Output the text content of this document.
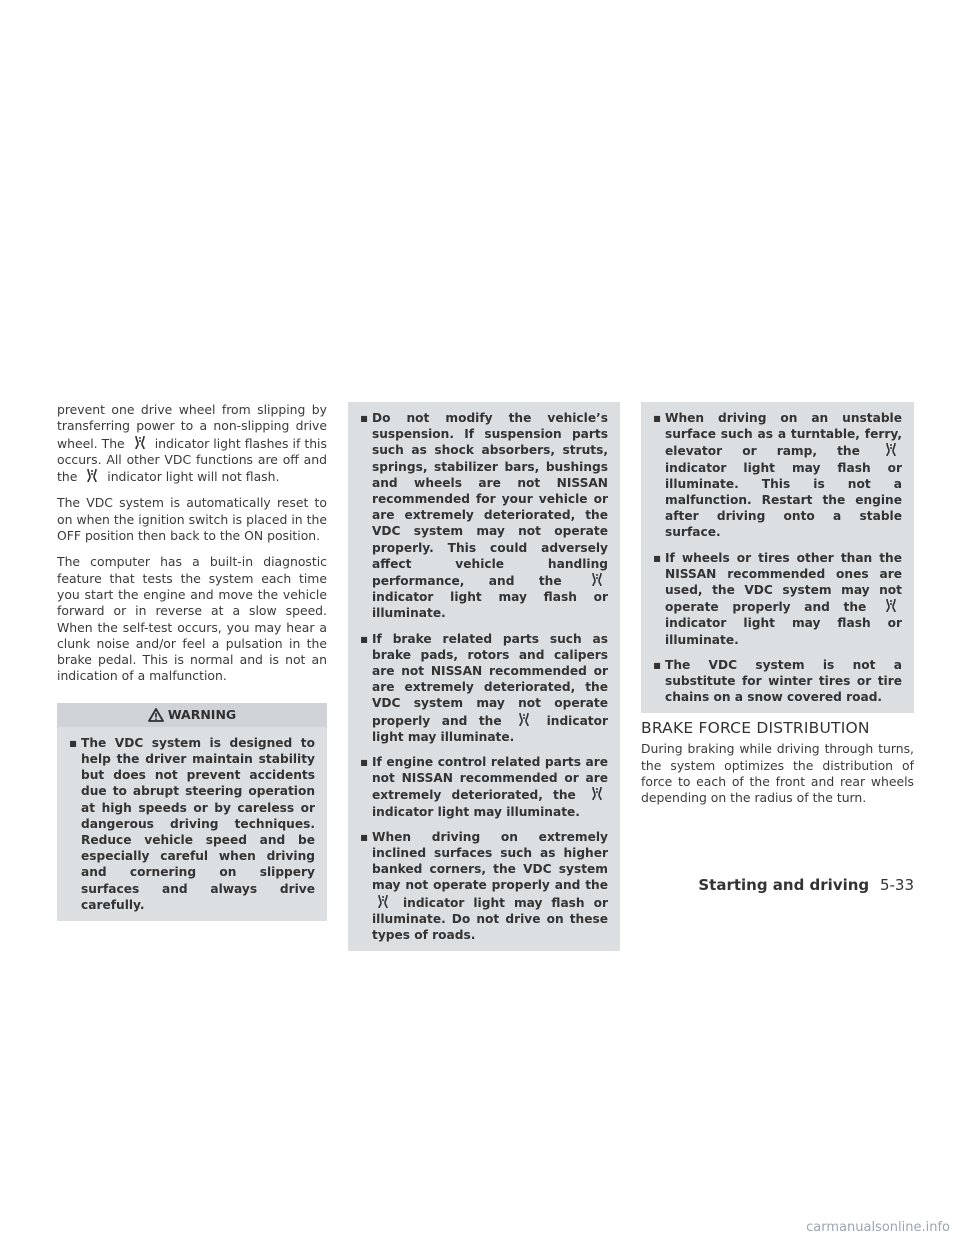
prevent one drive wheel from slipping by transferring power to a non-slipping drive wheel. The indicator light flashes if this occurs. All other VDC functions are off and the indicator light will not flash.

The VDC system is automatically reset to on when the ignition switch is placed in the OFF position then back to the ON position.

The computer has a built-in diagnostic feature that tests the system each time you start the engine and move the vehicle forward or in reverse at a slow speed. When the self-test occurs, you may hear a clunk noise and/or feel a pulsation in the brake pedal. This is normal and is not an indication of a malfunction.

WARNING
▪ The VDC system is designed to help the driver maintain stability but does not prevent accidents due to abrupt steering operation at high speeds or by careless or dangerous driving techniques. Reduce vehicle speed and be especially careful when driving and cornering on slippery surfaces and always drive carefully.
▪ Do not modify the vehicle’s suspension. If suspension parts such as shock absorbers, struts, springs, stabilizer bars, bushings and wheels are not NISSAN recommended for your vehicle or are extremely deteriorated, the VDC system may not operate properly. This could adversely affect vehicle handling performance, and the
indicator light may flash or illuminate.
▪ If brake related parts such as brake pads, rotors and calipers are not NISSAN recommended or are extremely deteriorated, the VDC system may not operate properly and the	indicator light may illuminate.
▪ If engine control related parts are not NISSAN recommended or are extremely deteriorated, the
indicator light may illuminate.
▪ When driving on extremely inclined surfaces such as higher banked corners, the VDC system may not operate properly and the
indicator light may flash or illuminate. Do not drive on these types of roads.
▪ When driving on an unstable surface such as a turntable, ferry, elevator or ramp, the
indicator light may flash or illuminate. This is not a malfunction. Restart the engine after driving onto a stable surface.
▪ If wheels or tires other than the NISSAN recommended ones are used, the VDC system may not operate properly and the
indicator light may flash or illuminate.
▪ The VDC system is not a substitute for winter tires or tire chains on a snow covered road.
BRAKE FORCE DISTRIBUTION

During braking while driving through turns, the system optimizes the distribution of force to each of the front and rear wheels depending on the radius of the turn.

Starting and driving 5-33
carmanualsonline.info
